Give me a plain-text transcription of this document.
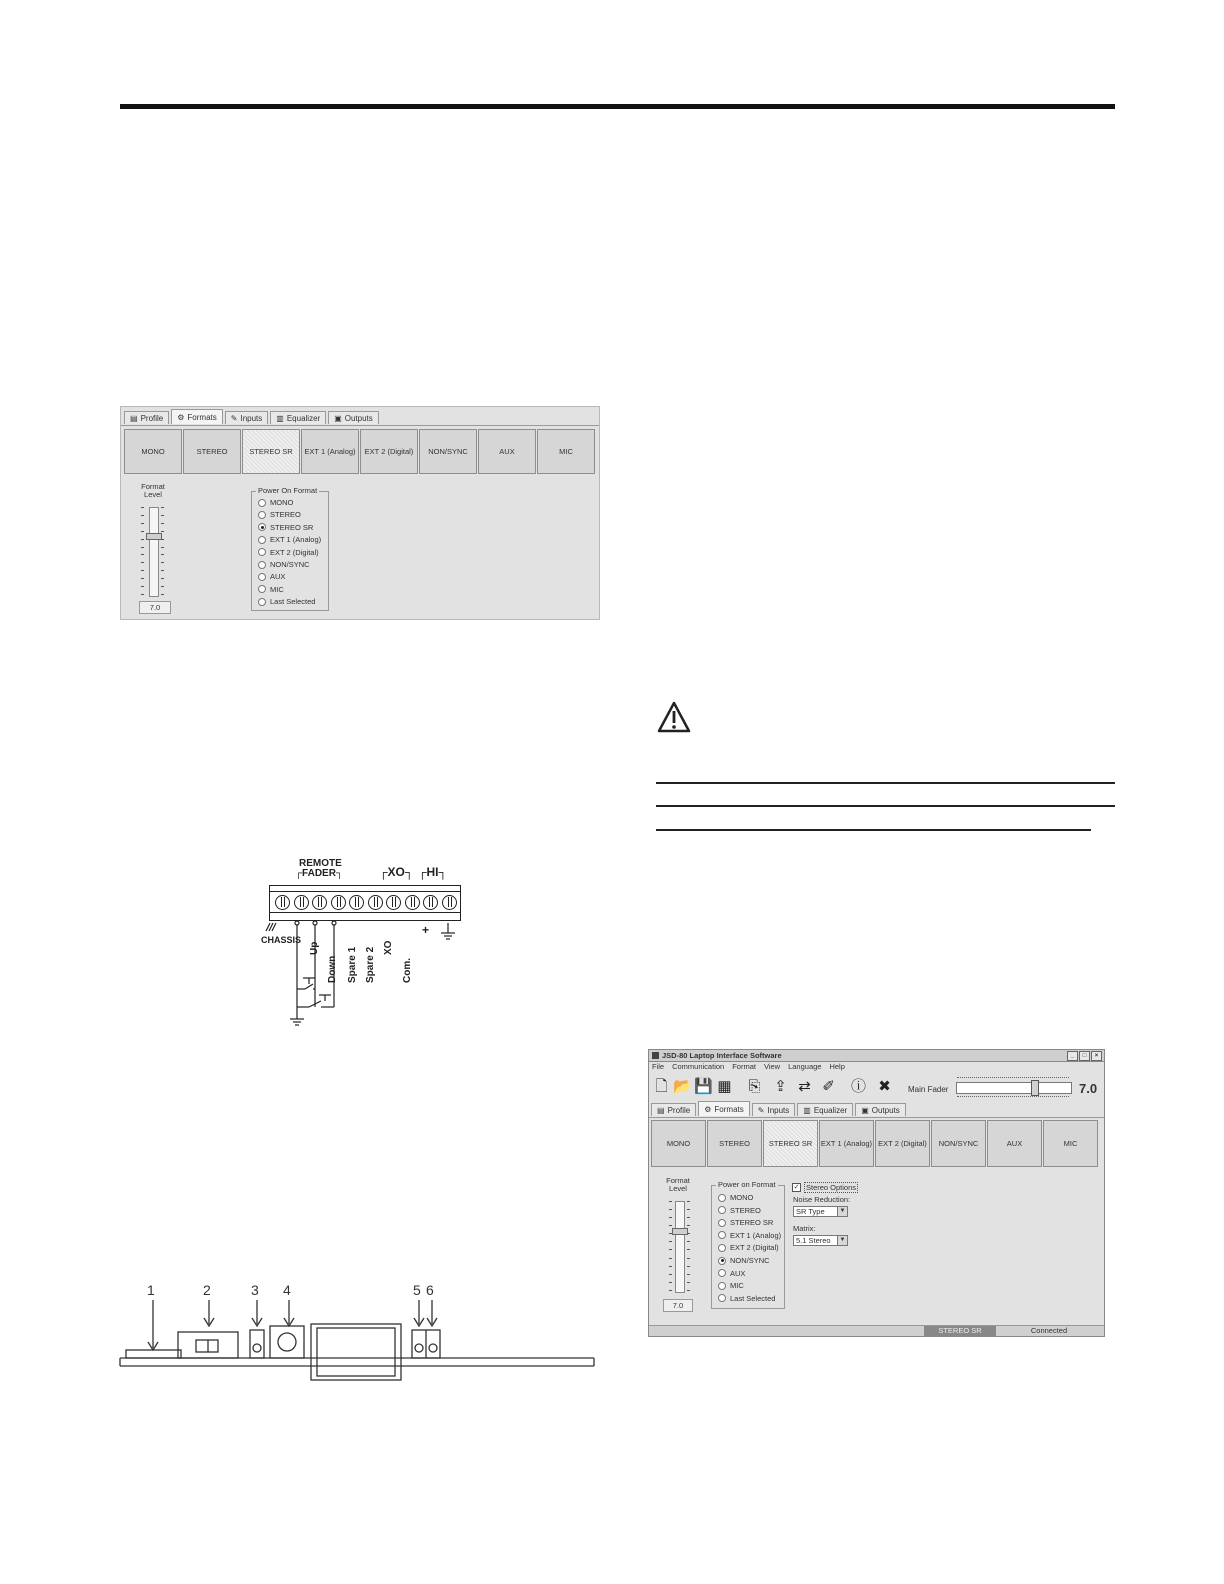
▤ Profile ⚙ Formats ✎ Inputs ▥ Equalizer ▣ Outputs
MONO	STEREO	STEREO SR	EXT 1 (Analog)	EXT 2 (Digital)	NON/SYNC	AUX	MIC
Format Level
7.0
Power On Format
MONO
STEREO
STEREO SR
EXT 1 (Analog)
EXT 2 (Digital)
NON/SYNC
AUX
MIC
Last Selected
REMOTE
┌ FADER ┐	┌XO┐ ┌HI┐
CHASSIS
Up
Down Spare 1 Spare 2 XO
Com.
+
1	2	3 4	5 6
JSD-80 Laptop Interface Software	_	□	×
File Communication Format View Language Help
🗋 📂 💾 ▦ ⎘ ⇪ ⇄ ✐ ⓘ ✖	Main Fader	7.0
▤ Profile ⚙ Formats ✎ Inputs ▥ Equalizer ▣ Outputs
MONO	STEREO	STEREO SR	EXT 1 (Analog) EXT 2 (Digital)	NON/SYNC	AUX	MIC
Format Level
7.0
Power on Format
MONO
STEREO
STEREO SR
EXT 1 (Analog)
EXT 2 (Digital)
NON/SYNC
AUX
MIC
Last Selected
✓ Stereo Options
Noise Reduction:
SR Type	▼
Matrix:
5.1 Stereo	▼
STEREO SR	Connected
